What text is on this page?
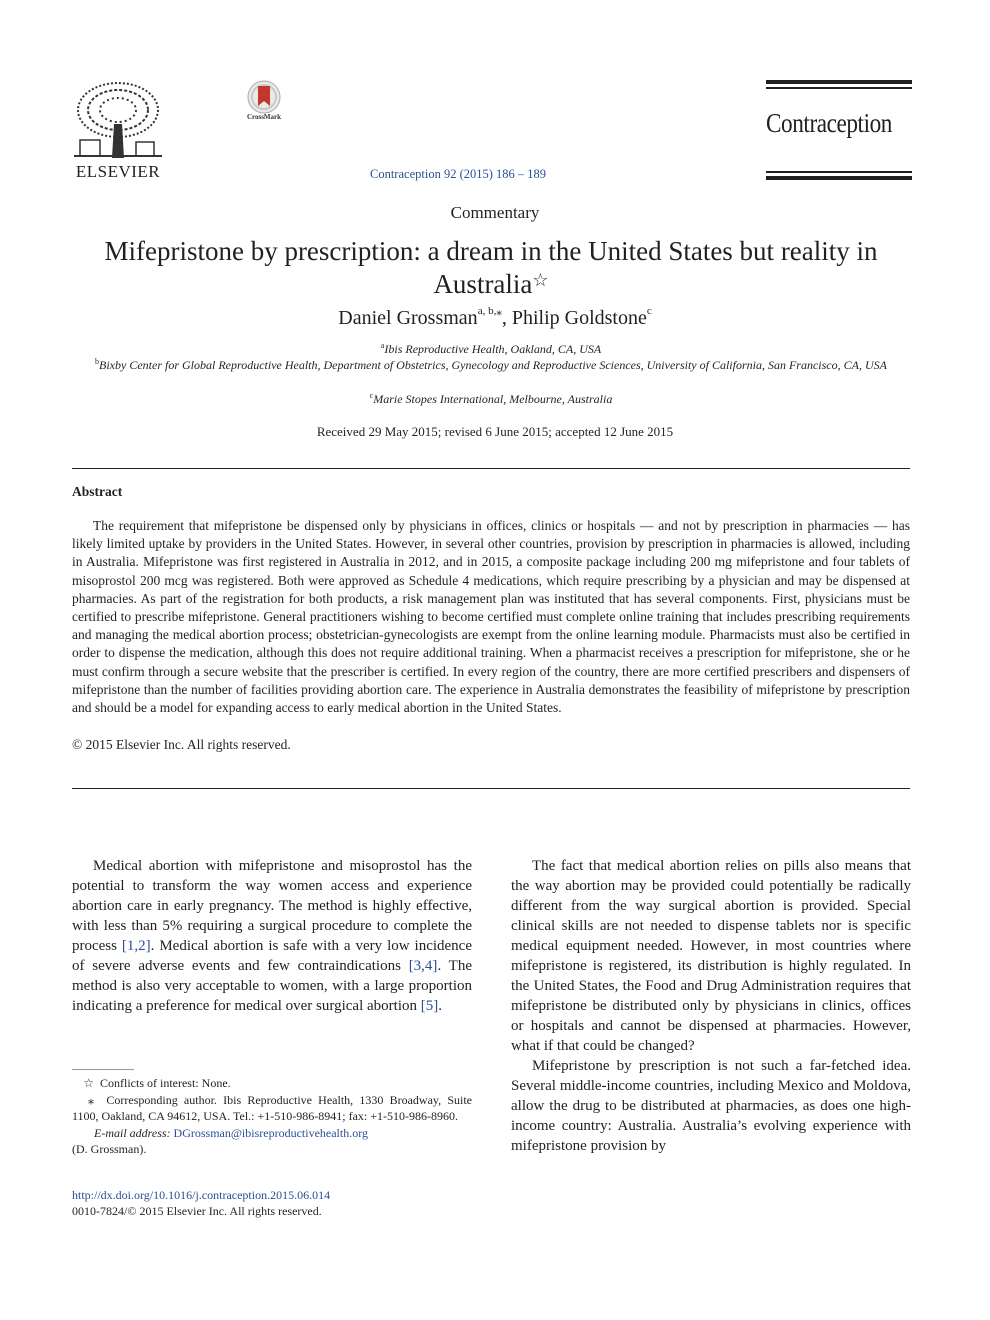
ELSEVIER
CrossMark
Contraception 92 (2015) 186 – 189
Contraception
Commentary
Mifepristone by prescription: a dream in the United States but reality in Australia☆
Daniel Grossman$^{a, b,⁎}$, Philip Goldstone$^c$
$^a$Ibis Reproductive Health, Oakland, CA, USA
$^b$Bixby Center for Global Reproductive Health, Department of Obstetrics, Gynecology and Reproductive Sciences, University of California, San Francisco, CA, USA
$^c$Marie Stopes International, Melbourne, Australia
Received 29 May 2015; revised 6 June 2015; accepted 12 June 2015
Abstract
The requirement that mifepristone be dispensed only by physicians in offices, clinics or hospitals — and not by prescription in pharmacies — has likely limited uptake by providers in the United States. However, in several other countries, provision by prescription in pharmacies is allowed, including in Australia. Mifepristone was first registered in Australia in 2012, and in 2015, a composite package including 200 mg mifepristone and four tablets of misoprostol 200 mcg was registered. Both were approved as Schedule 4 medications, which require prescribing by a physician and may be dispensed at pharmacies. As part of the registration for both products, a risk management plan was instituted that has several components. First, physicians must be certified to prescribe mifepristone. General practitioners wishing to become certified must complete online training that includes prescribing requirements and managing the medical abortion process; obstetrician-gynecologists are exempt from the online learning module. Pharmacists must also be certified in order to dispense the medication, although this does not require additional training. When a pharmacist receives a prescription for mifepristone, she or he must confirm through a secure website that the prescriber is certified. In every region of the country, there are more certified prescribers and dispensers of mifepristone than the number of facilities providing abortion care. The experience in Australia demonstrates the feasibility of mifepristone by prescription and should be a model for expanding access to early medical abortion in the United States.
© 2015 Elsevier Inc. All rights reserved.

Medical abortion with mifepristone and misoprostol has the potential to transform the way women access and experience abortion care in early pregnancy. The method is highly effective, with less than 5% requiring a surgical procedure to complete the process [1,2]. Medical abortion is safe with a very low incidence of severe adverse events and few contraindications [3,4]. The method is also very acceptable to women, with a large proportion indicating a preference for medical over surgical abortion [5].

The fact that medical abortion relies on pills also means that the way abortion may be provided could potentially be radically different from the way surgical abortion is provided. Special clinical skills are not needed to dispense tablets nor is specific medical equipment needed. However, in most countries where mifepristone is registered, its distribution is highly regulated. In the United States, the Food and Drug Administration requires that mifepristone be distributed only by physicians in clinics, offices or hospitals and cannot be dispensed at pharmacies. However, what if that could be changed?

Mifepristone by prescription is not such a far-fetched idea. Several middle-income countries, including Mexico and Moldova, allow the drug to be distributed at pharmacies, as does one high-income country: Australia. Australia’s evolving experience with mifepristone provision by

☆ Conflicts of interest: None.

⁎ Corresponding author. Ibis Reproductive Health, 1330 Broadway, Suite 1100, Oakland, CA 94612, USA. Tel.: +1-510-986-8941; fax: +1-510-986-8960.

E-mail address: DGrossman@ibisreproductivehealth.org

(D. Grossman).

http://dx.doi.org/10.1016/j.contraception.2015.06.014
0010-7824/© 2015 Elsevier Inc. All rights reserved.
